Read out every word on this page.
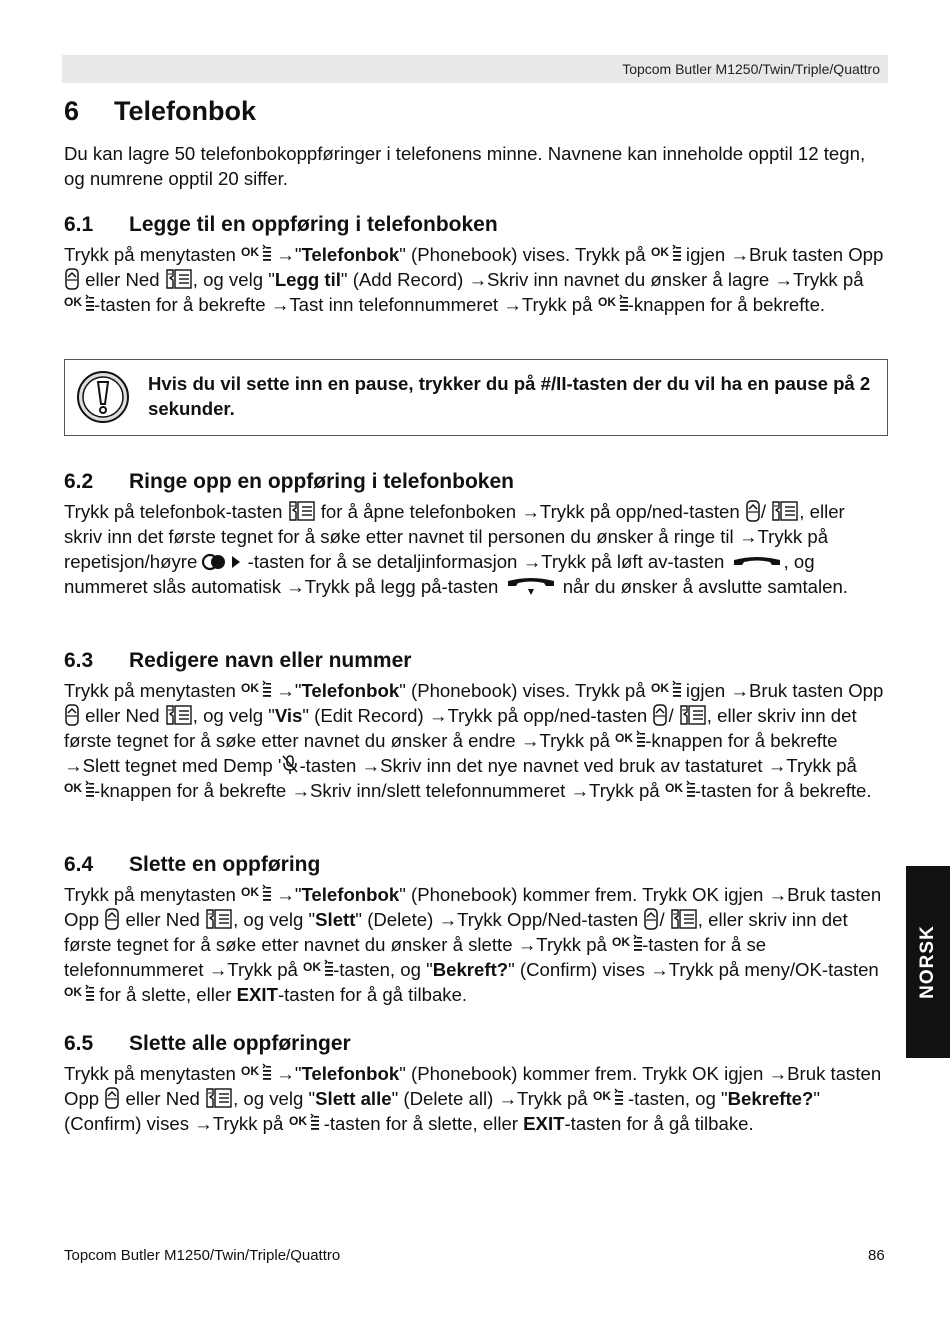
Topcom Butler M1250/Twin/Triple/Quattro
6 Telefonbok

Du kan lagre 50 telefonbokoppføringer i telefonens minne. Navnene kan inneholde opptil 12 tegn, og numrene opptil 20 siffer.

6.1 Legge til en oppføring i telefonboken

Trykk på menytasten  →"Telefonbok" (Phonebook) vises. Trykk på  igjen →Bruk tasten Opp  eller Ned , og velg "Legg til" (Add Record) →Skriv inn navnet du ønsker å lagre →Trykk på -tasten for å bekrefte →Tast inn telefonnummeret →Trykk på -knappen for å bekrefte.

Hvis du vil sette inn en pause, trykker du på #/II-tasten der du vil ha en pause på 2 sekunder.
6.2 Ringe opp en oppføring i telefonboken

Trykk på telefonbok-tasten  for å åpne telefonboken →Trykk på opp/ned-tasten / , eller skriv inn det første tegnet for å søke etter navnet til personen du ønsker å ringe til →Trykk på repetisjon/høyre  -tasten for å se detaljinformasjon →Trykk på løft av-tasten	, og nummeret slås automatisk →Trykk på legg på-tasten	når du ønsker å avslutte samtalen.

6.3 Redigere navn eller nummer

Trykk på menytasten  →"Telefonbok" (Phonebook) vises. Trykk på  igjen →Bruk tasten Opp  eller Ned , og velg "Vis" (Edit Record) →Trykk på opp/ned-tasten / , eller skriv inn det første tegnet for å søke etter navnet du ønsker å endre →Trykk på -knappen for å bekrefte →Slett tegnet med Demp ' -tasten →Skriv inn det nye navnet ved bruk av tastaturet →Trykk på -knappen for å bekrefte →Skriv inn/slett telefonnummeret →Trykk på -tasten for å bekrefte.

6.4 Slette en oppføring

Trykk på menytasten  →"Telefonbok" (Phonebook) kommer frem. Trykk OK igjen →Bruk tasten Opp  eller Ned , og velg "Slett" (Delete) →Trykk Opp/Ned-tasten / , eller skriv inn det første tegnet for å søke etter navnet du ønsker å slette →Trykk på -tasten for å se telefonnummeret →Trykk på -tasten, og "Bekreft?" (Confirm) vises →Trykk på meny/OK-tasten  for å slette, eller EXIT-tasten for å gå tilbake.

6.5 Slette alle oppføringer

Trykk på menytasten  →"Telefonbok" (Phonebook) kommer frem. Trykk OK igjen →Bruk tasten Opp  eller Ned , og velg "Slett alle" (Delete all) →Trykk på  -tasten, og "Bekrefte?" (Confirm) vises →Trykk på  -tasten for å slette, eller EXIT-tasten for å gå tilbake.

NORSK
Topcom Butler M1250/Twin/Triple/Quattro	86
